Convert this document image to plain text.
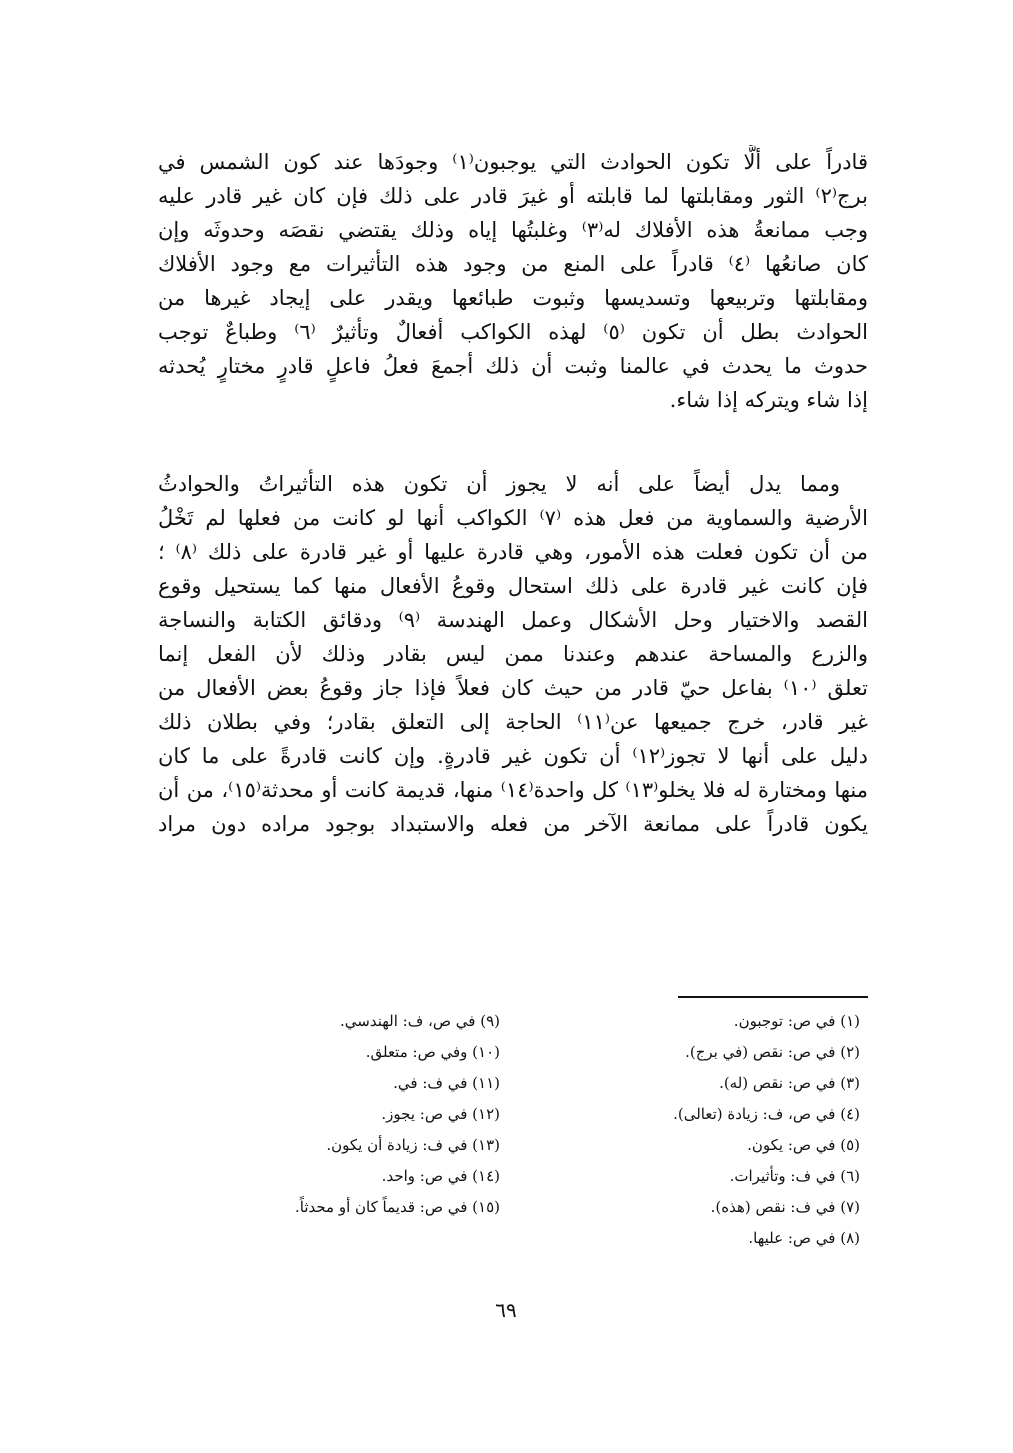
قادراً على ألَّا تكون الحوادث التي يوجبون⁽١⁾ وجودَها عند كون الشمس في
برج⁽٢⁾ الثور ومقابلتها لما قابلته أو غيرَ قادر على ذلك فإن كان غير قادر عليه
وجب ممانعةُ هذه الأفلاك له⁽٣⁾ وغلبتُها إياه وذلك يقتضي نقصَه وحدوثَه وإن
كان صانعُها ⁽٤⁾ قادراً على المنع من وجود هذه التأثيرات مع وجود الأفلاك
ومقابلتها وتربيعها وتسديسها وثبوت طبائعها ويقدر على إيجاد غيرها من
الحوادث بطل أن تكون ⁽٥⁾ لهذه الكواكب أفعالٌ وتأثيرٌ ⁽٦⁾ وطباعٌ توجب
حدوث ما يحدث في عالمنا وثبت أن ذلك أجمعَ فعلُ فاعلٍ قادرٍ مختارٍ يُحدثه
إذا شاء ويتركه إذا شاء.
ومما يدل أيضاً على أنه لا يجوز أن تكون هذه التأثيراتُ والحوادثُ
الأرضية والسماوية من فعل هذه ⁽٧⁾ الكواكب أنها لو كانت من فعلها لم تَخْلُ
من أن تكون فعلت هذه الأمور، وهي قادرة عليها أو غير قادرة على ذلك ⁽٨⁾ ؛
فإن كانت غير قادرة على ذلك استحال وقوعُ الأفعال منها كما يستحيل وقوع
القصد والاختيار وحل الأشكال وعمل الهندسة ⁽٩⁾ ودقائق الكتابة والنساجة
والزرع والمساحة عندهم وعندنا ممن ليس بقادر وذلك لأن الفعل إنما
تعلق ⁽١٠⁾ بفاعل حيّ قادر من حيث كان فعلاً فإذا جاز وقوعُ بعض الأفعال من
غير قادر، خرج جميعها عن⁽١١⁾ الحاجة إلى التعلق بقادر؛ وفي بطلان ذلك
دليل على أنها لا تجوز⁽١٢⁾ أن تكون غير قادرةٍ. وإن كانت قادرةً على ما كان
منها ومختارة له فلا يخلو⁽١٣⁾ كل واحدة⁽١٤⁾ منها، قديمة كانت أو محدثة⁽١٥⁾، من أن
يكون قادراً على ممانعة الآخر من فعله والاستبداد بوجود مراده دون مراد
(١) في ص: توجبون.
(٢) في ص: نقص (في برج).
(٣) في ص: نقص (له).
(٤) في ص، ف: زيادة (تعالى).
(٥) في ص: يكون.
(٦) في ف: وتأثيرات.
(٧) في ف: نقص (هذه).
(٨) في ص: عليها.
(٩) في ص، ف: الهندسي.
(١٠) وفي ص: متعلق.
(١١) في ف: في.
(١٢) في ص: يجوز.
(١٣) في ف: زيادة أن يكون.
(١٤) في ص: واحد.
(١٥) في ص: قديماً كان أو محدثاً.
٦٩
